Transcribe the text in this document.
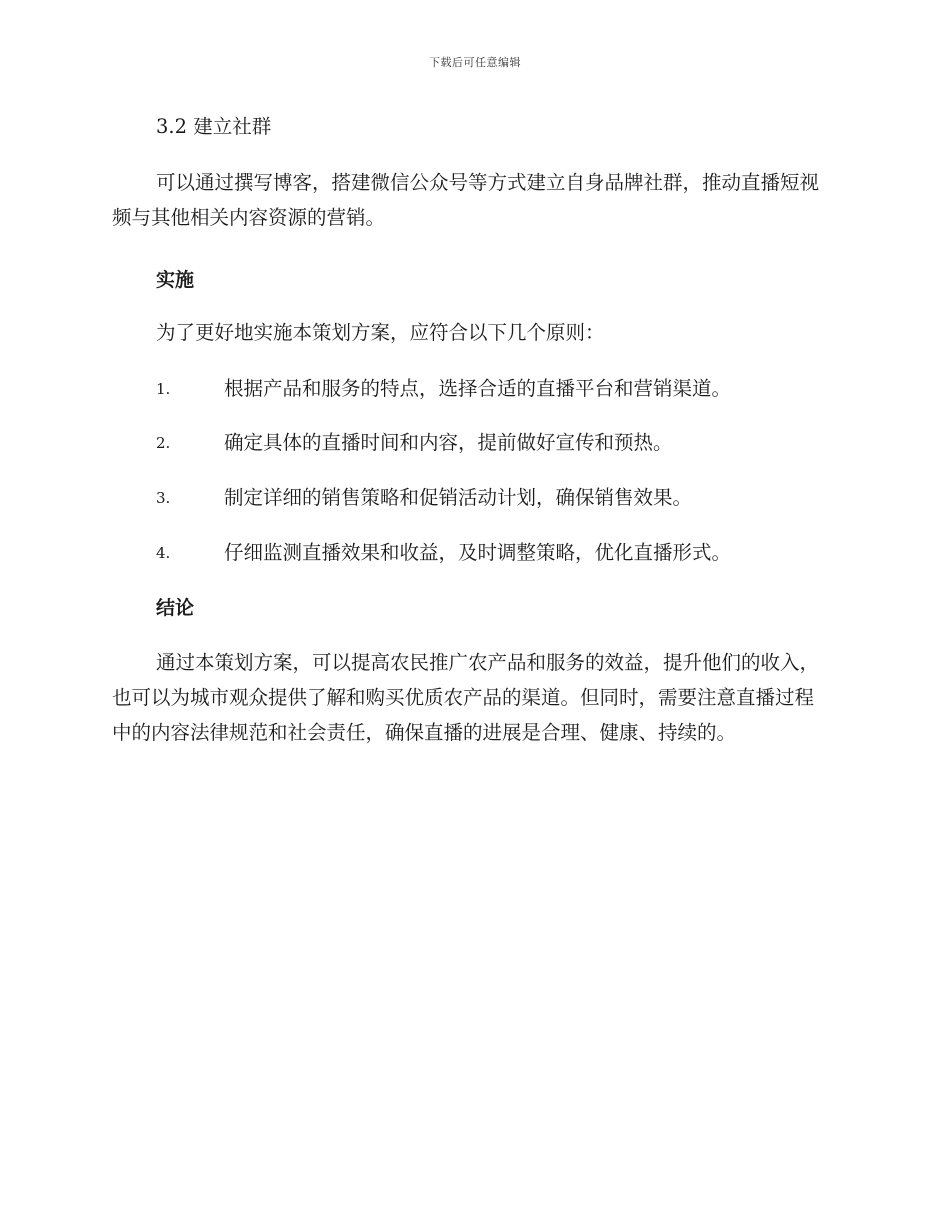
下载后可任意编辑
3.2 建立社群

可以通过撰写博客，搭建微信公众号等方式建立自身品牌社群，推动直播短视频与其他相关内容资源的营销。

实施
为了更好地实施本策划方案，应符合以下几个原则：
1.	根据产品和服务的特点，选择合适的直播平台和营销渠道。
2.	确定具体的直播时间和内容，提前做好宣传和预热。
3.	制定详细的销售策略和促销活动计划，确保销售效果。
4.	仔细监测直播效果和收益，及时调整策略，优化直播形式。
结论

通过本策划方案，可以提高农民推广农产品和服务的效益，提升他们的收入，也可以为城市观众提供了解和购买优质农产品的渠道。但同时，需要注意直播过程中的内容法律规范和社会责任，确保直播的进展是合理、健康、持续的。
